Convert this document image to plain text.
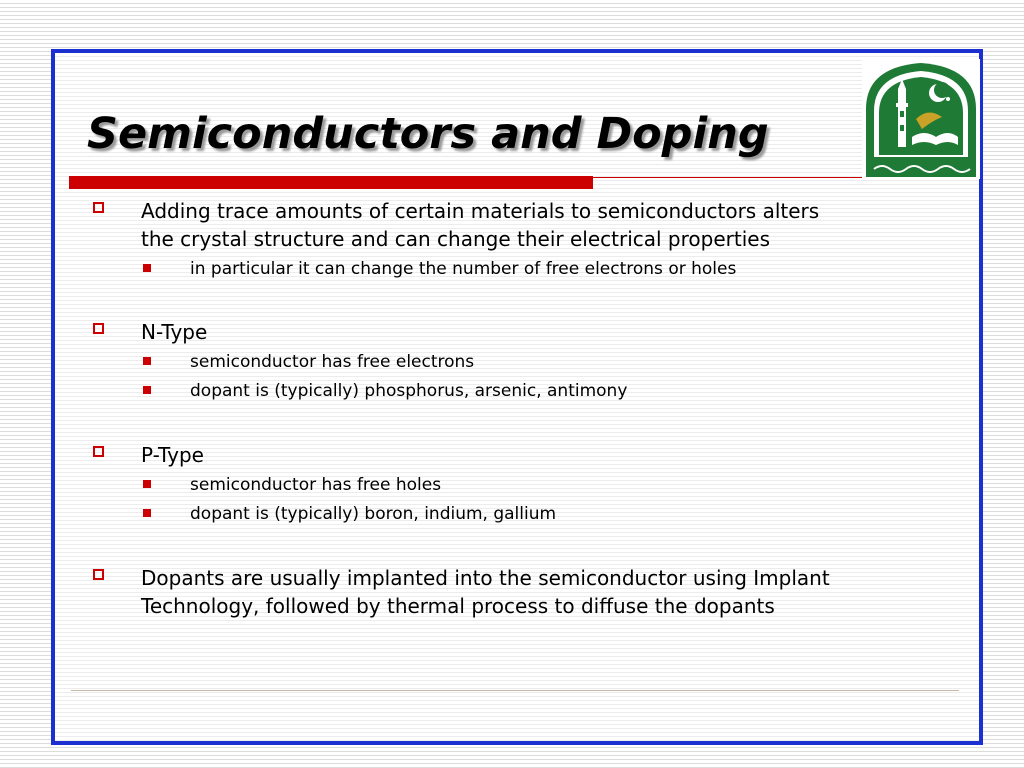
Semiconductors and Doping
Adding trace amounts of certain materials to semiconductors alters
the crystal structure and can change their electrical properties
in particular it can change the number of free electrons or holes
N-Type
semiconductor has free electrons
dopant is (typically) phosphorus, arsenic, antimony
P-Type
semiconductor has free holes
dopant is (typically) boron, indium, gallium
Dopants are usually implanted into the semiconductor using Implant
Technology, followed by thermal process to diffuse the dopants
